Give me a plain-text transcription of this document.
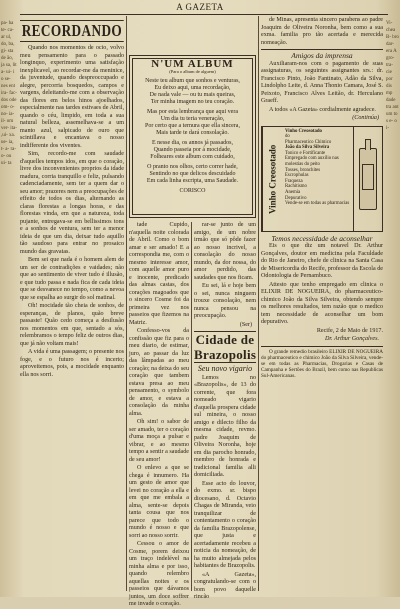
A GAZETA
pa- ha te- ca- ar ul, do, ba, gi- sta de ão, ja sa, lit a- ui- i o se- nes ent ira- fac- dos ode om- o- no- ia- il- om ver- ita- ,ui- xa. ue- ia, t- a- ra- o- ou ui- ta
Vi- chea B- bro dar- era A gro- tra- cie por dis mp dade tra ant um to s e- o i-
RECORDANDO

Quando nos momentos de ocio, volvo meu pensamento para o passado longinquo, experimento uma satisfação inexplicavel, ao recordar-me da meninice, da juventude, quando despreoccupado e alegre, percorria bosquedos, campos e vargens, deleitando-me com a observação das flores em belos hinos ajoelhados, especialmente nas tardes estivaes de Abril, quando o céu, limpido, em toda a sua natural belleza, assemelhava-se a um manto azul, salpicado de ouro que scintillava e encantava o nosso indifferente dos viventes.

Sim, recordo-me com saudade d'aquelles tempos idos, em que o coração, livre dos inconvenientes proprios da idade madura, corria tranquillo e feliz, pulsando cadenciadamente, sem ter a quem dar o seu amor; prazeres nem a preocupações de effeito de todos os dias, alternando as claras florestas a longas horas, e das florestas vinda, em que a natureza, toda pujante, entregava-se em bellissimos tons e a sonhos de ventura, sem ter a menor ideia de que um dia, deixar tudo aquillo tão saudoso para entrar no prosaico mundo das gravatas.

Bem sei que nada é o homem alem de um ser de contradições e vaidades; não que ao sentimento de viver tudo é illusão, e que tudo passa e nada fica de cada ideia que se desvanece no tempo, como a nevoa que se espalha ao surgir do sol matinal.

Oh! mocidade tão cheia de sonhos, de esperanças, de planos, quão breve passaste! Quão cedo começa a desilusão nos momentos em que, sentado a sós, relembramos o tempo feliz de outros dias, que já não voltam mais!

A vida é uma passagem; o presente nos foge, e o futuro nos é incerto; aproveitemos, pois, a mocidade enquanto ella nos sorri.

N'UM ALBUM
(Para o album de alguem)

Neste teu album que sonhos e venturas,
Eu deixo aqui, uma recordação,
De nada vale — ou tu mais queiras,
Ter minha imagem no teu coração.

Mas por esta lembrança que aqui vera
Um dia tu teria veneração,
Por certo que a ternura que ella sincera,
Mais tarde te dará consolação.

E nesse dia, os annos já passados,
Quando passeia por á mocidade,
Folheares este album com cuidado,

O pranto nos olhos, certo correr hade,
Sentindo no que delicos descuidado
Em cada linha escripta, uma Saudade.

CORISCO

tade Cupido, n'aquella noite colorada de Abril. Como o bom amar e ser amado! E a correspondia me, com o mesmo interesse amor, com aquelle amor puro e inocente, predicado das almas castas, dos corações magoados que o sincero Cosme foi da primeira vez nos passeios que fizemos na Matriz.

Confesso-vos da confissão que fiz para o meu diario, de estimar, juro, ao passar da luz das lâmpadas ao meu coração; na deixa do seu coração que tambem estava presa ao meu pensamento, o symbolo de amor, e estava a consolação da minha alma.

Oh sim! o sabor de ser amado, ter o coração d'uma moça a pulsar e vibrar, e ao mesmo tempo a sentir a saudade de seu amor!

O enlevo a que se chega é innumero. Ha um gesto de amor que levei no coração a ella e em que me embala a alma, sente-se depois tanta cousa que nos parece que todo o mundo é nosso e que sorri ao nosso sorrir.

Cessou o amor de Cosme, porem deixou um traço indelével na minha alma e por isso, quando relembro aquellas noites e os passeios que dávamos juntos, um doce soffrer me invade o coração.

rar-se junto de um amigo, de um nobre irmão que só pôde fazer ao nosso incrivel, a consolação do nosso mundo, da dor nossa, do amor perdido, das saudades que nos ficam.

Eu sei, lá e hoje bem o sei, nunca ninguem trouxe consolação, nem nunca pensou na preocupação.

(Ser)
Cidade de Brazopolis
Seu novo vigario

Lemos no «Brazopolis», de 13 do corrente, que fora nomeado vigario d'aquella prospera cidade sul mineira, o nosso amigo e dilecto filho da mesma cidade, revmo. padre Joaquim de Oliveira Noronha, hoje em dia parocho honrado, membro de honrada e tradicional familia alli domiciliada.

Esse acto do louvor, do exmo. sr. bispo diocesano, d. Octavio Chagas de Miranda, veio tranquilizar de contentamento o coração da familia Brazopolense, que justa e acertadamente recebeu a noticia da nomeação, de ha muito almejada pelos habitantes de Brazopolis.

«A Gazeta», congratulando-se com o bom povo daquelle rincão

de Minas, apresenta sincero parabens ao padre Joaquim de Oliveira Noronha, bem como a sua exma. familia pro tão acertada e merecida nomeação.

Amigos da imprensa

Auxiliaram-nos com o pagamento de suas assignaturas, os seguintes assignantes srs.: dr. Francisco Pinto, João Fantinato, Adão da Silva, Lindolpho Leite, d. Anna Thonio Camara, José S. Peixoto, Francisco Alves Leitão, dr. Herculano Graeff.

A todos «A Gazeta» cordialmente agradece.

(Continúa)
Vinho Creosotado
Vinho Creosotado
do
Pharmaceutico Chimico
João da Silva Silveira
Tonico e Fortificante
Empregado com auxilio nas molestias do peito
Tosses, bronchites
Escrophulas
Fraqueza
Rachitismo
Anemia
Depurativo
Vende-se em todas as pharmacias
Temos necessidade de aconselhar

Eis o que diz um notavel Dr. Arthur Gonçalves, doutor em medicina pela Faculdade do Rio de Janeiro, chefe de clinica na Santa Casa de Misericordia do Recife, professor da Escola de Odontologia de Pernambuco.

Attesto que tenho empregado em clinica o ELIXIR DE NOGUEIRA, do pharmaceutico-chimico João da Silva Silveira, obtendo sempre os melhores resultados, tem razão que o medico tem necessidade de aconselhar um bom depurativo.

Recife, 2 de Maio de 1917.

Dr. Arthur Gonçalves.

O grande remedio brasileiro ELIXIR DE NOGUEIRA do pharmaceutico e chimico João da Silva Silveira, vende-se em todas as Pharmacias, Drogarias e Casas de Campanha e Sertões do Brazil, bem como nas Republicas Sul-Americanas.
